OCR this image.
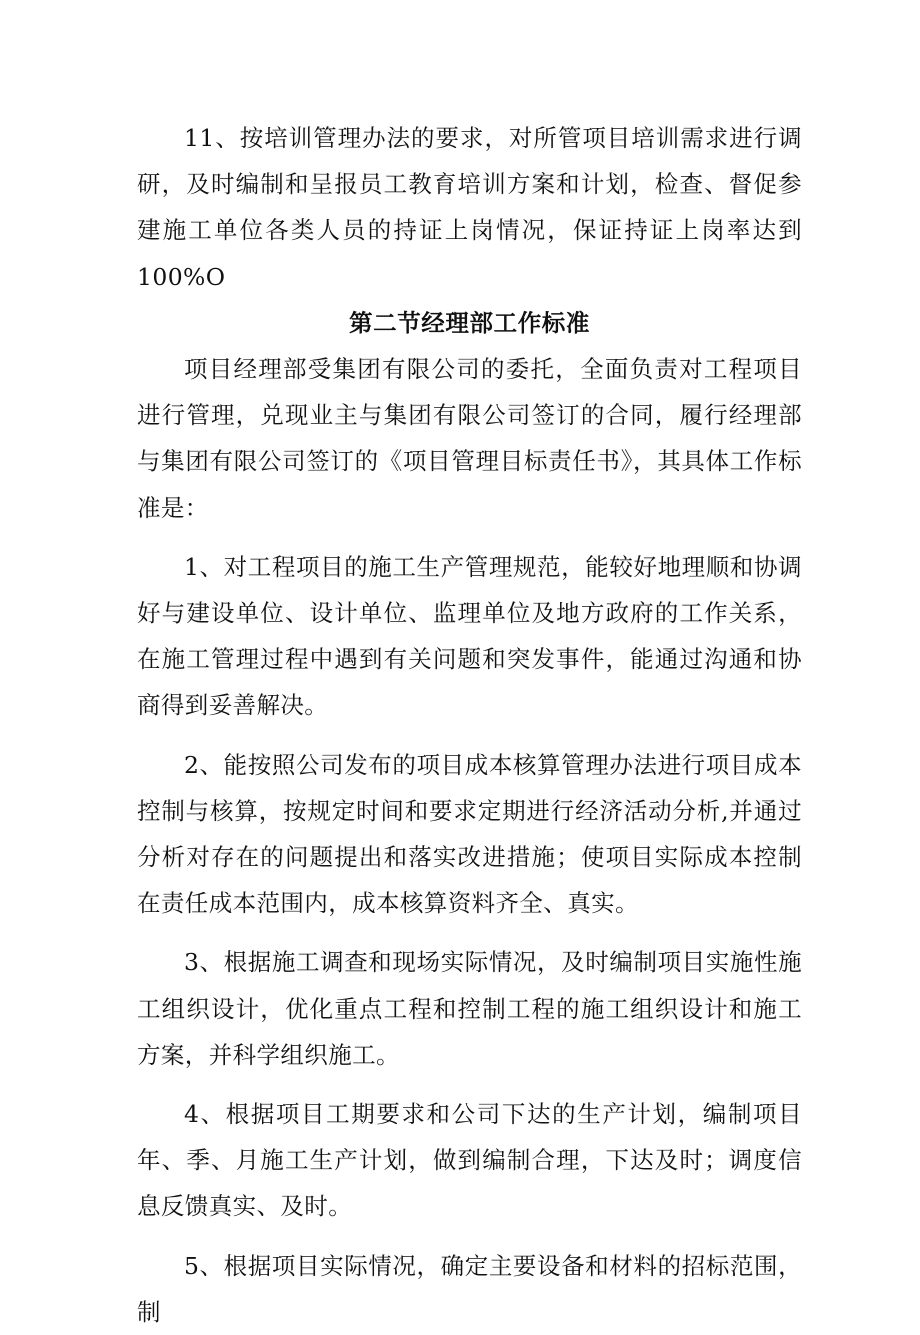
11、按培训管理办法的要求，对所管项目培训需求进行调研，及时编制和呈报员工教育培训方案和计划，检查、督促参建施工单位各类人员的持证上岗情况，保证持证上岗率达到100%O

第二节经理部工作标准

项目经理部受集团有限公司的委托，全面负责对工程项目进行管理，兑现业主与集团有限公司签订的合同，履行经理部与集团有限公司签订的《项目管理目标责任书》，其具体工作标准是：

1、对工程项目的施工生产管理规范，能较好地理顺和协调好与建设单位、设计单位、监理单位及地方政府的工作关系，在施工管理过程中遇到有关问题和突发事件，能通过沟通和协商得到妥善解决。

2、能按照公司发布的项目成本核算管理办法进行项目成本控制与核算，按规定时间和要求定期进行经济活动分析,并通过分析对存在的问题提出和落实改进措施；使项目实际成本控制在责任成本范围内，成本核算资料齐全、真实。

3、根据施工调查和现场实际情况，及时编制项目实施性施工组织设计，优化重点工程和控制工程的施工组织设计和施工方案，并科学组织施工。

4、根据项目工期要求和公司下达的生产计划，编制项目年、季、月施工生产计划，做到编制合理，下达及时；调度信息反馈真实、及时。

5、根据项目实际情况，确定主要设备和材料的招标范围，制
